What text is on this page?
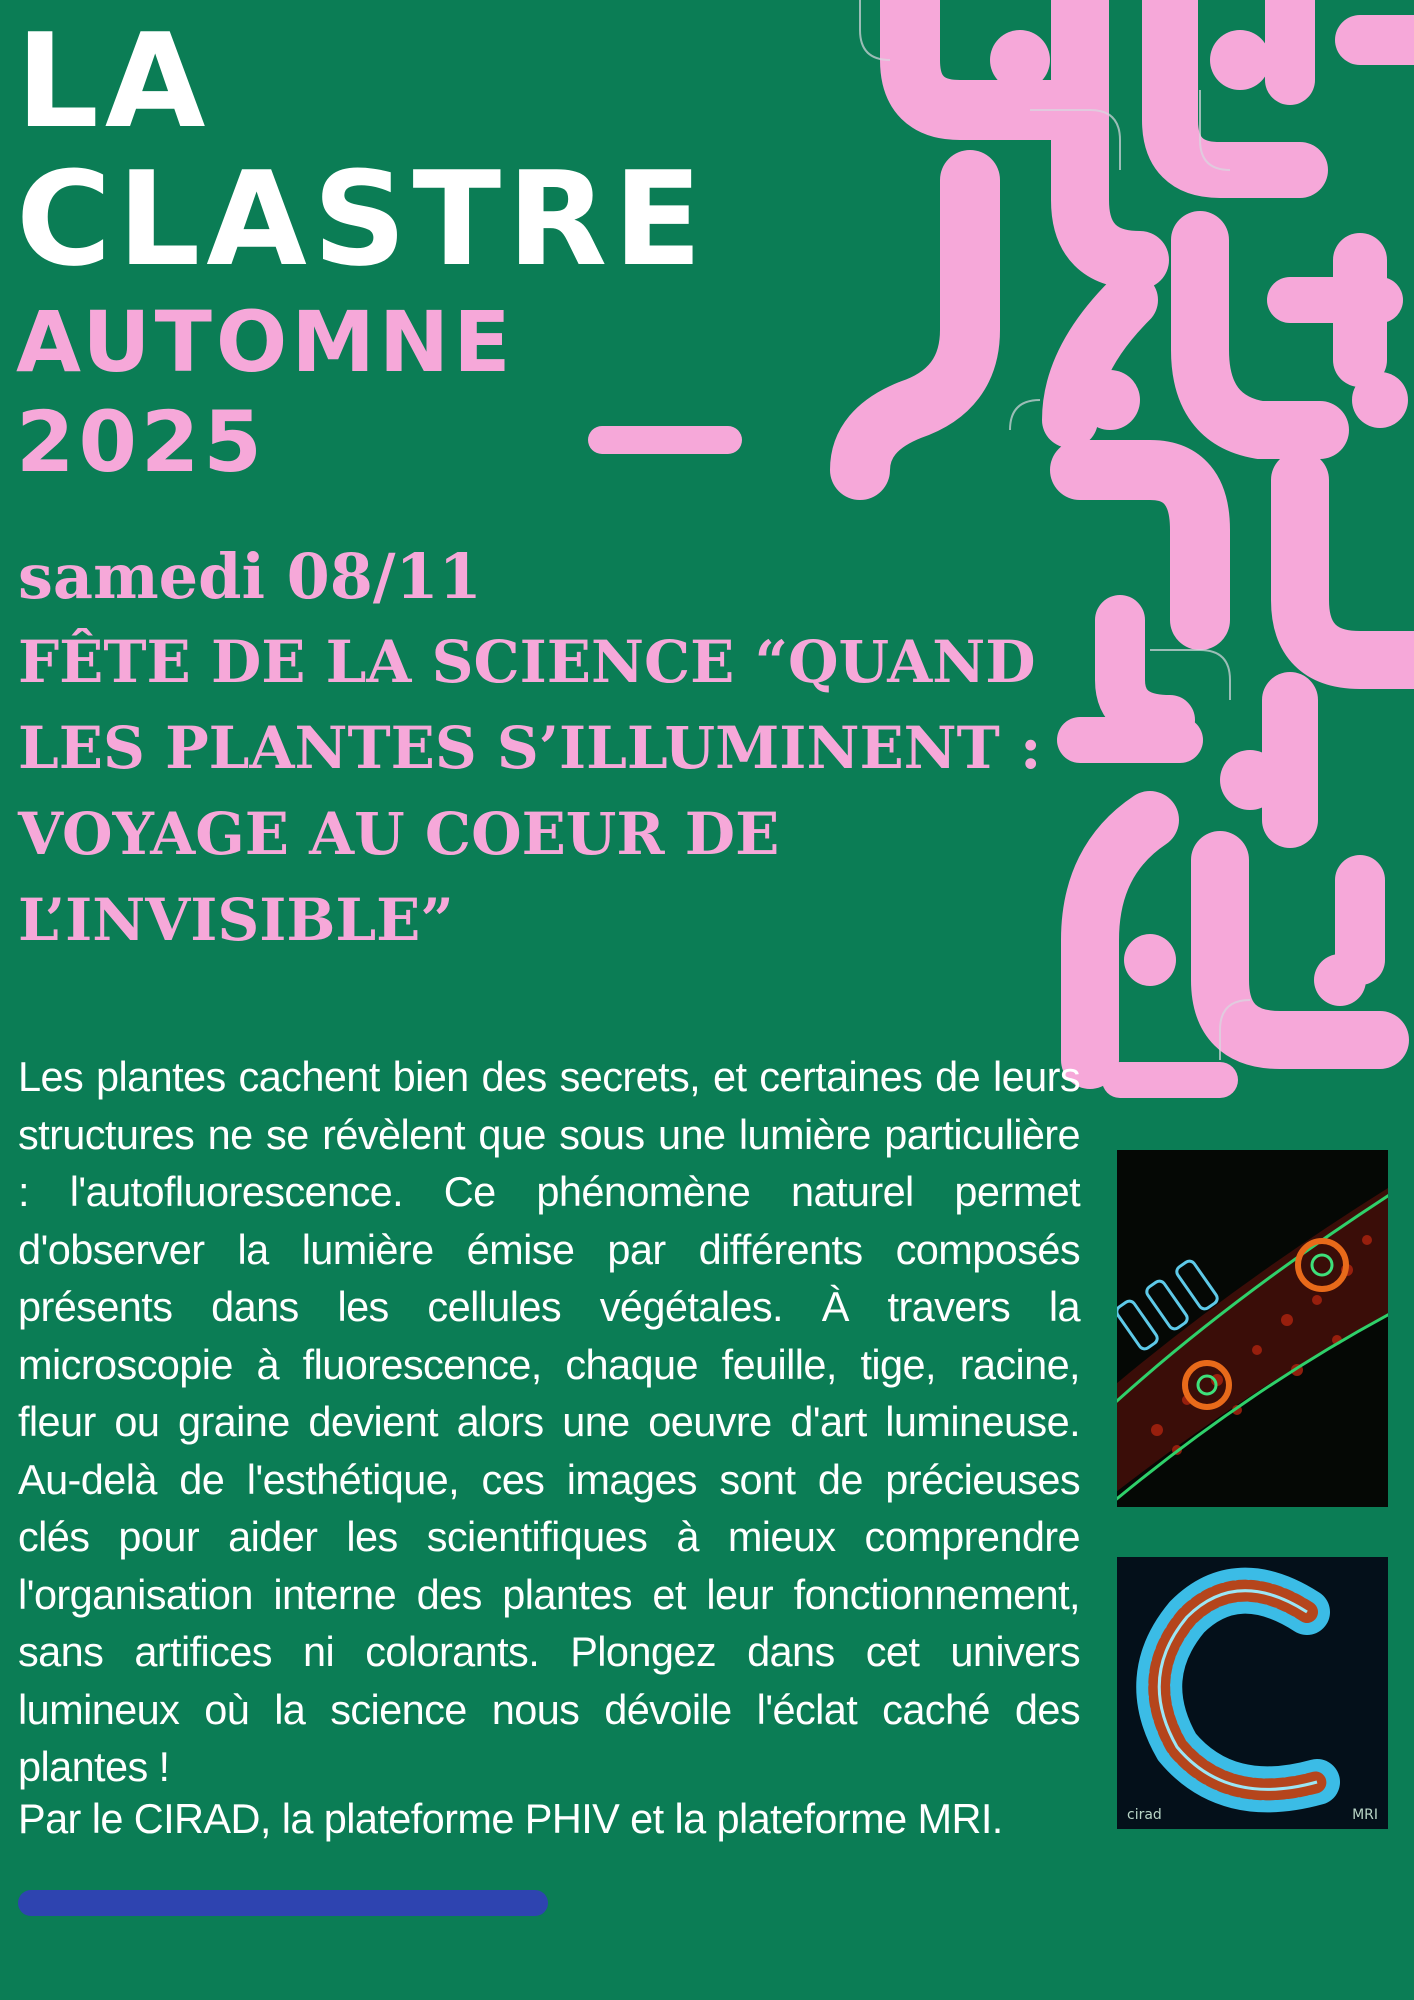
LA
CLASTRE
AUTOMNE
2025
samedi 08/11
FÊTE DE LA SCIENCE “QUAND LES PLANTES S’ILLUMINENT : VOYAGE AU COEUR DE L’INVISIBLE”

Les plantes cachent bien des secrets, et certaines de leurs structures ne se révèlent que sous une lumière particulière : l'autofluorescence. Ce phénomène naturel permet d'observer la lumière émise par différents composés présents dans les cellules végétales. À travers la microscopie à fluorescence, chaque feuille, tige, racine, fleur ou graine devient alors une oeuvre d'art lumineuse. Au-delà de l'esthétique, ces images sont de précieuses clés pour aider les scientifiques à mieux comprendre l'organisation interne des plantes et leur fonctionnement, sans artifices ni colorants. Plongez dans cet univers lumineux où la science nous dévoile l'éclat caché des plantes !

Par le CIRAD, la plateforme PHIV et la plateforme MRI.	cirad	MRI
